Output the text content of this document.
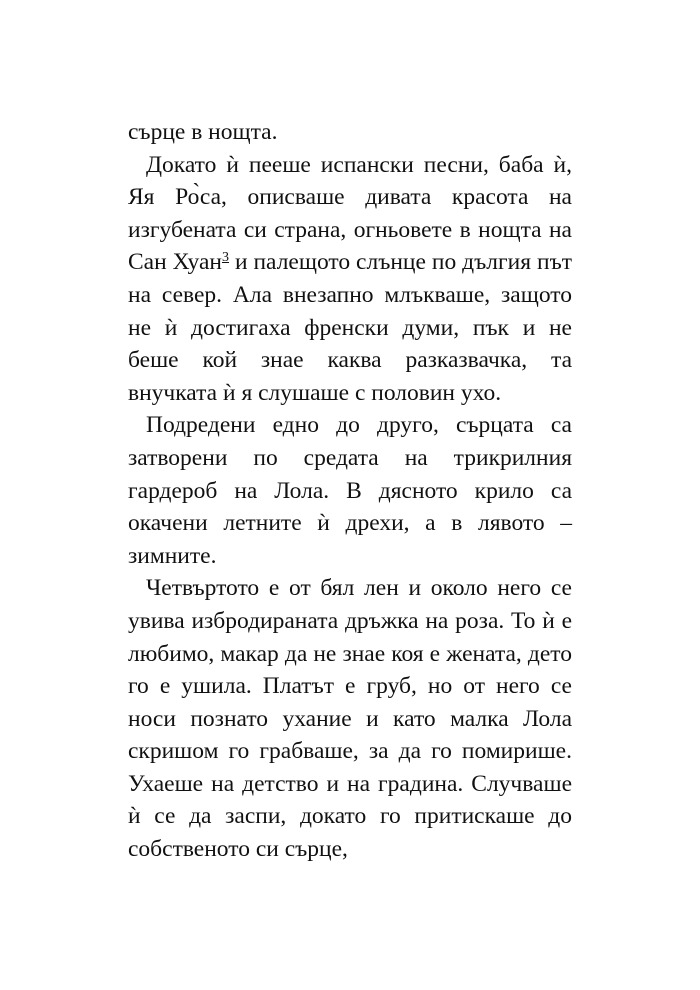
сърце в нощта.

Докато ѝ пееше испански песни, баба ѝ, Яя Ро̀са, описваше дивата красота на изгубената си страна, огньовете в нощта на Сан Хуан$^3$ и палещото слънце по дългия път на север. Ала внезапно млъкваше, защото не ѝ достигаха френски думи, пък и не беше кой знае каква разказвачка, та внучката ѝ я слушаше с половин ухо.

Подредени едно до друго, сърцата са затворени по средата на трикрилния гардероб на Лола. В дясното крило са окачени летните ѝ дрехи, а в лявото – зимните.

Четвъртото е от бял лен и около него се увива избродираната дръжка на роза. То ѝ е любимо, макар да не знае коя е жената, дето го е ушила. Платът е груб, но от него се носи познато ухание и като малка Лола скришом го грабваше, за да го помирише. Ухаеше на детство и на градина. Случваше ѝ се да заспи, докато го притискаше до собственото си сърце,
